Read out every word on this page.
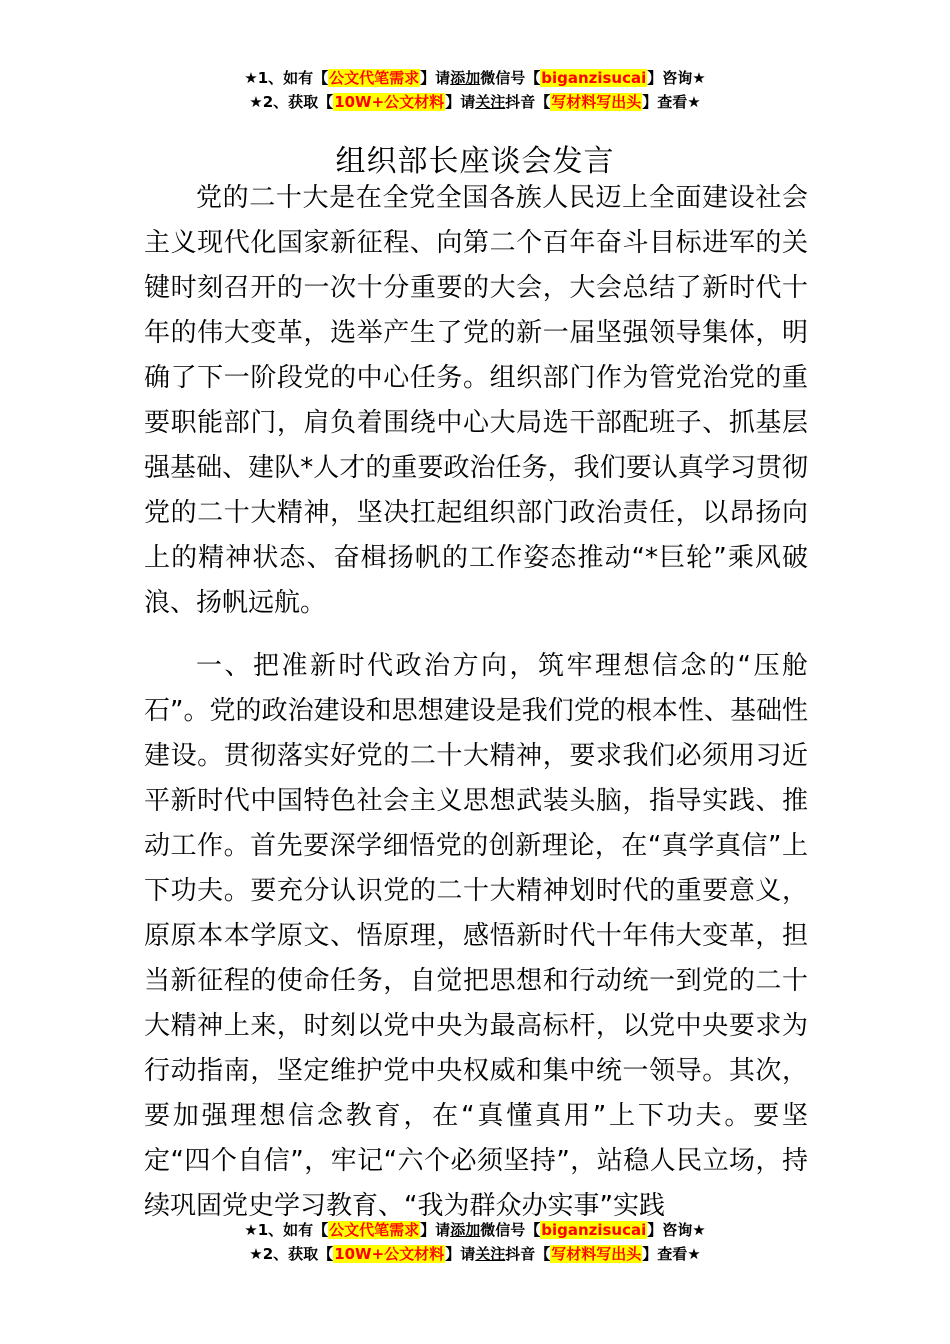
★1、如有【公文代笔需求】请添加微信号【biganzisucai】咨询★
★2、获取【10W+公文材料】请关注抖音【写材料写出头】查看★
组织部长座谈会发言

党的二十大是在全党全国各族人民迈上全面建设社会主义现代化国家新征程、向第二个百年奋斗目标进军的关键时刻召开的一次十分重要的大会，大会总结了新时代十年的伟大变革，选举产生了党的新一届坚强领导集体，明确了下一阶段党的中心任务。组织部门作为管党治党的重要职能部门，肩负着围绕中心大局选干部配班子、抓基层强基础、建队*人才的重要政治任务，我们要认真学习贯彻党的二十大精神，坚决扛起组织部门政治责任，以昂扬向上的精神状态、奋楫扬帆的工作姿态推动“*巨轮”乘风破浪、扬帆远航。

一、把准新时代政治方向，筑牢理想信念的“压舱石”。党的政治建设和思想建设是我们党的根本性、基础性建设。贯彻落实好党的二十大精神，要求我们必须用习近平新时代中国特色社会主义思想武装头脑，指导实践、推动工作。首先要深学细悟党的创新理论，在“真学真信”上下功夫。要充分认识党的二十大精神划时代的重要意义，原原本本学原文、悟原理，感悟新时代十年伟大变革，担当新征程的使命任务，自觉把思想和行动统一到党的二十大精神上来，时刻以党中央为最高标杆，以党中央要求为行动指南，坚定维护党中央权威和集中统一领导。其次，要加强理想信念教育，在“真懂真用”上下功夫。要坚定“四个自信”，牢记“六个必须坚持”，站稳人民立场，持续巩固党史学习教育、“我为群众办实事”实践

★1、如有【公文代笔需求】请添加微信号【biganzisucai】咨询★
★2、获取【10W+公文材料】请关注抖音【写材料写出头】查看★
